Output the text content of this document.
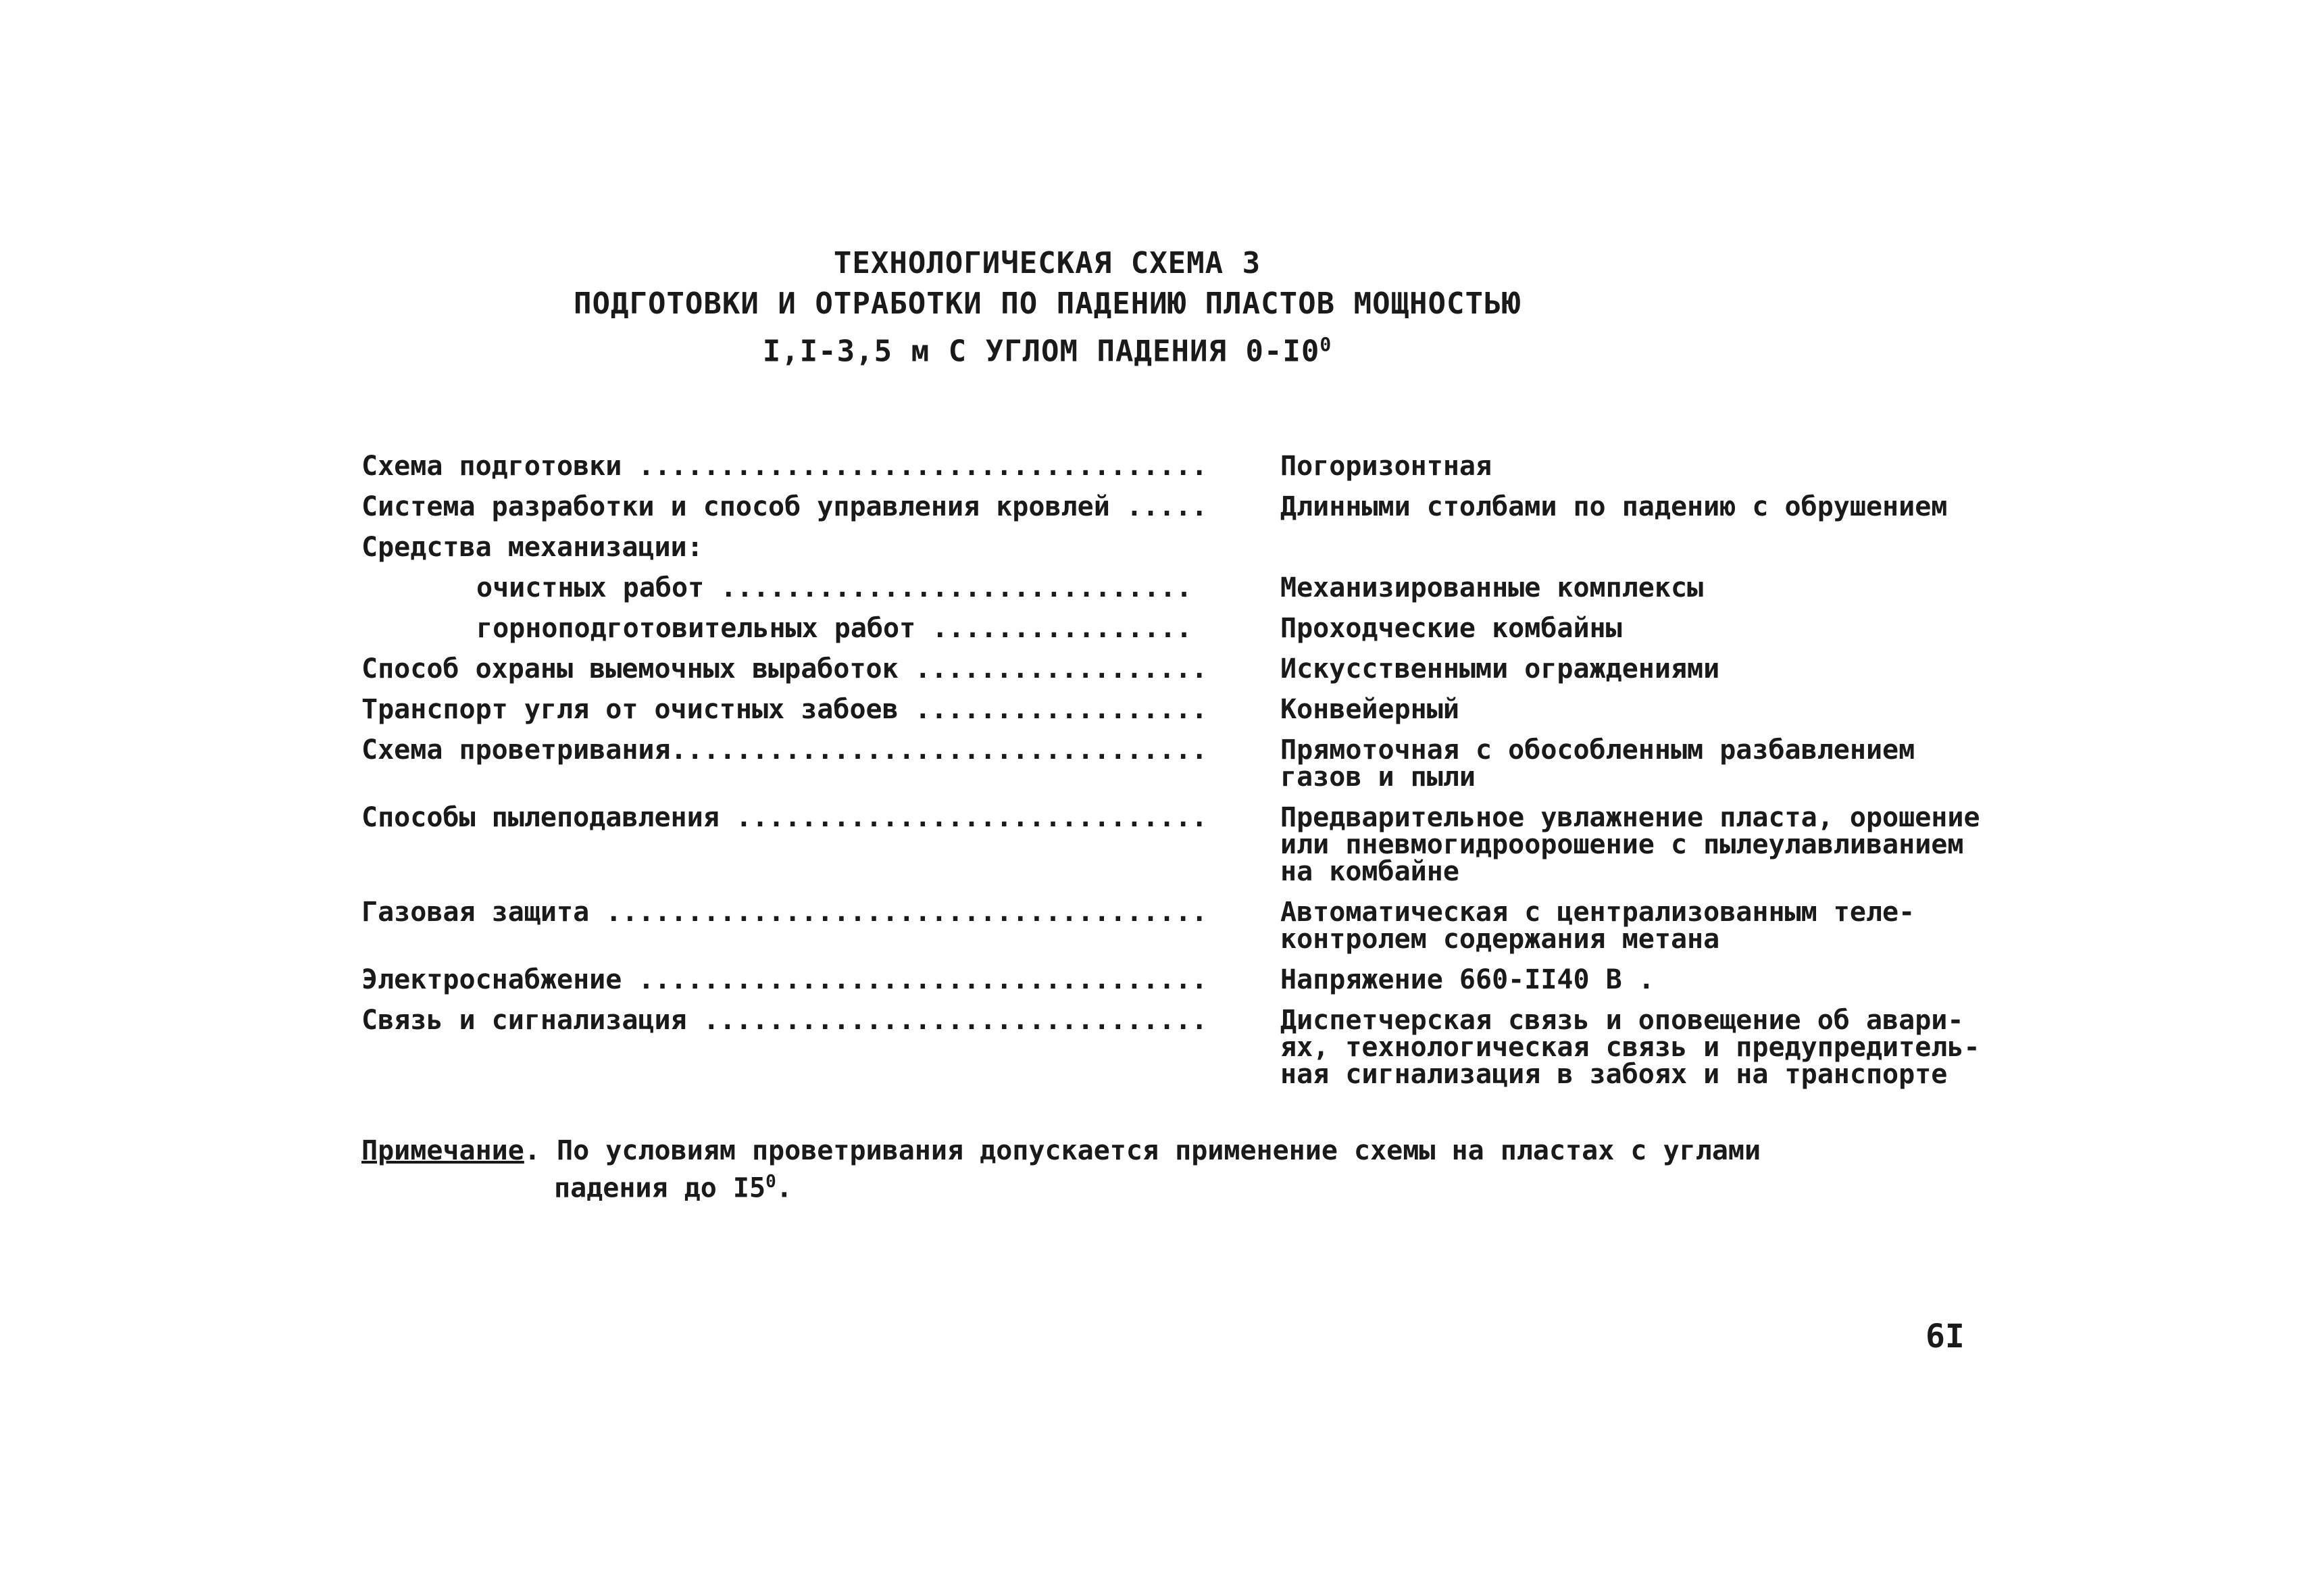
ТЕХНОЛОГИЧЕСКАЯ СХЕМА 3
ПОДГОТОВКИ И ОТРАБОТКИ ПО ПАДЕНИЮ ПЛАСТОВ МОЩНОСТЬЮ
I,I-3,5 м С УГЛОМ ПАДЕНИЯ $0-I0^0$
Схема подготовки ...................................	Погоризонтная
Система разработки и способ управления кровлей .....	Длинными столбами по падению с обрушением
Средства механизации:
очистных работ .............................	Механизированные комплексы
горноподготовительных работ ................	Проходческие комбайны
Способ охраны выемочных выработок ..................	Искусственными ограждениями
Транспорт угля от очистных забоев ..................	Конвейерный
Схема проветривания.................................	Прямоточная с обособленным разбавлением
газов и пыли
Способы пылеподавления .............................	Предварительное увлажнение пласта, орошение
или пневмогидроорошение с пылеулавливанием
на комбайне
Газовая защита .....................................	Автоматическая с централизованным теле-
контролем содержания метана
Электроснабжение ...................................	Напряжение 660-II40 В .
Связь и сигнализация ...............................	Диспетчерская связь и оповещение об авари-
ях, технологическая связь и предупредитель-
ная сигнализация в забоях и на транспорте
Примечание. По условиям проветривания допускается применение схемы на пластах с углами
падения до $I5^0$.
6I
